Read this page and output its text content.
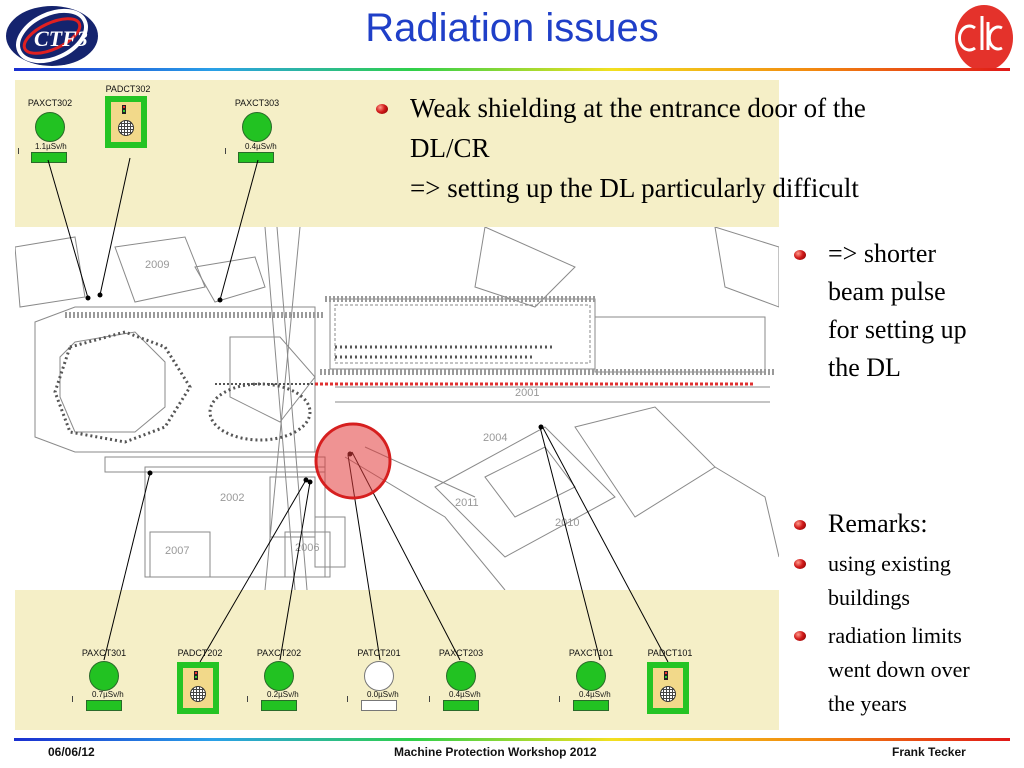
Radiation issues
CTF3
2009
2001
2004
2002
2007	2006
2011
2010
PAXCT302
1.1µSv/h
PADCT302
PAXCT303
0.4µSv/h
PAXCT301
0.7µSv/h
PADCT202	PAXCT202
0.2µSv/h
PATCT201
0.0µSv/h
PAXCT203
0.4µSv/h
PAXCT101
0.4µSv/h
PADCT101
Weak shielding at the entrance door of the
DL/CR
=> setting up the DL particularly difficult
=> shorter
beam pulse
for setting up
the DL
Remarks:
using existing
buildings
radiation limits
went down over
the years
06/06/12	Machine Protection Workshop 2012	Frank Tecker
